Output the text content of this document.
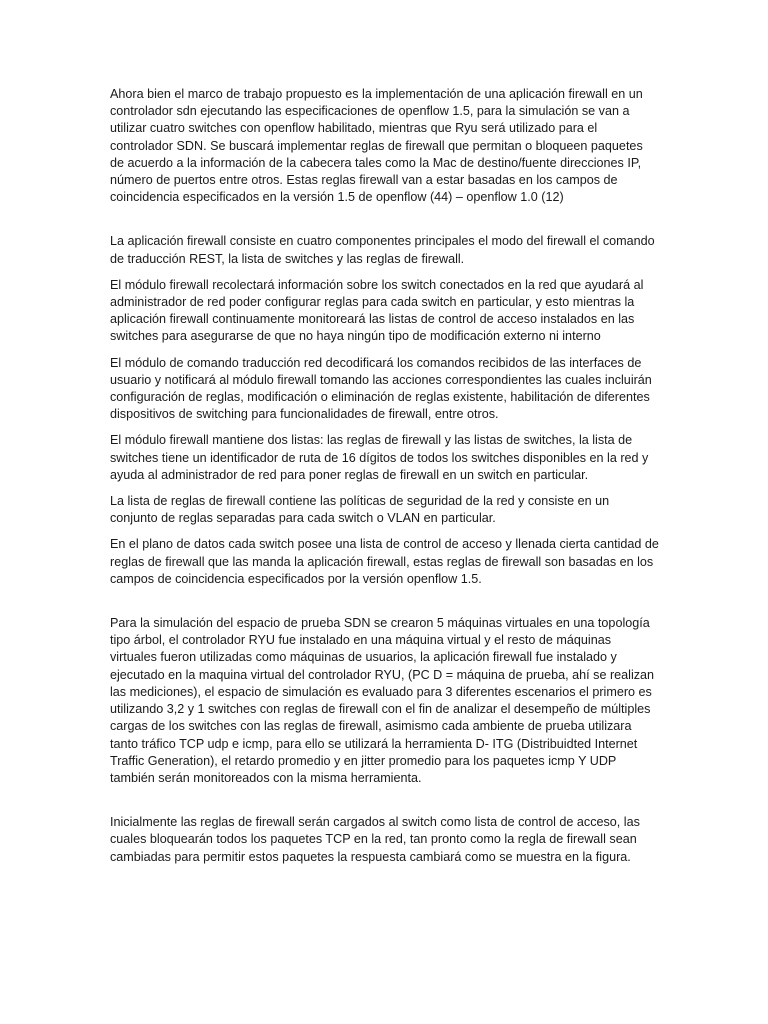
Ahora bien el marco de trabajo propuesto es la implementación de una aplicación firewall en un controlador sdn ejecutando las especificaciones de openflow 1.5, para la simulación se van a utilizar cuatro switches con openflow habilitado, mientras que Ryu será utilizado para el controlador SDN. Se buscará implementar reglas de firewall que permitan o bloqueen paquetes de acuerdo a la información de la cabecera tales como la Mac de destino/fuente direcciones IP, número de puertos entre otros. Estas reglas firewall van a estar basadas en los campos de coincidencia especificados en la versión 1.5 de openflow (44) – openflow 1.0 (12)

La aplicación firewall consiste en cuatro componentes principales el modo del firewall el comando de traducción REST, la lista de switches y las reglas de firewall.

El módulo firewall recolectará información sobre los switch conectados en la red que ayudará al administrador de red poder configurar reglas para cada switch en particular, y esto mientras la aplicación firewall continuamente monitoreará las listas de control de acceso instalados en las switches para asegurarse de que no haya ningún tipo de modificación externo ni interno

El módulo de comando traducción red decodificará los comandos recibidos de las interfaces de usuario y notificará al módulo firewall tomando las acciones correspondientes las cuales incluirán configuración de reglas, modificación o eliminación de reglas existente, habilitación de diferentes dispositivos de switching para funcionalidades de firewall, entre otros.

El módulo firewall mantiene dos listas: las reglas de firewall y las listas de switches, la lista de switches tiene un identificador de ruta de 16 dígitos de todos los switches disponibles en la red y ayuda al administrador de red para poner reglas de firewall en un switch en particular.

La lista de reglas de firewall contiene las políticas de seguridad de la red y consiste en un conjunto de reglas separadas para cada switch o VLAN en particular.

En el plano de datos cada switch posee una lista de control de acceso y llenada cierta cantidad de reglas de firewall que las manda la aplicación firewall, estas reglas de firewall son basadas en los campos de coincidencia especificados por la versión openflow 1.5.

Para la simulación del espacio de prueba SDN se crearon 5 máquinas virtuales en una topología tipo árbol, el controlador RYU fue instalado en una máquina virtual y el resto de máquinas virtuales fueron utilizadas como máquinas de usuarios, la aplicación firewall fue instalado y ejecutado en la maquina virtual del controlador RYU, (PC D = máquina de prueba, ahí se realizan las mediciones), el espacio de simulación es evaluado para 3 diferentes escenarios el primero es utilizando 3,2 y 1 switches con reglas de firewall con el fin de analizar el desempeño de múltiples cargas de los switches con las reglas de firewall, asimismo cada ambiente de prueba utilizara tanto tráfico TCP udp e icmp, para ello se utilizará la herramienta D- ITG (Distribuidted Internet Traffic Generation), el retardo promedio y en jitter promedio para los paquetes icmp Y UDP también serán monitoreados con la misma herramienta.

Inicialmente las reglas de firewall serán cargados al switch como lista de control de acceso, las cuales bloquearán todos los paquetes TCP en la red, tan pronto como la regla de firewall sean cambiadas para permitir estos paquetes la respuesta cambiará como se muestra en la figura.
